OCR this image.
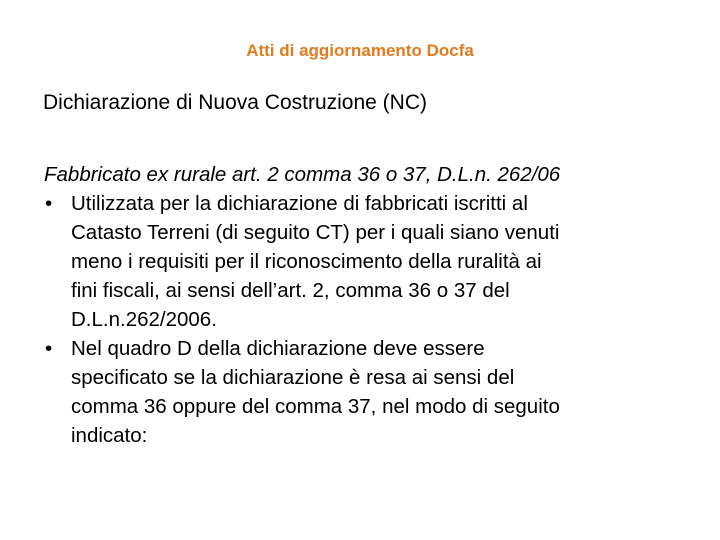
Atti di aggiornamento Docfa
Dichiarazione di Nuova Costruzione (NC)
Fabbricato ex rurale art. 2 comma 36 o 37, D.L.n. 262/06
• Utilizzata per la dichiarazione di fabbricati iscritti al
Catasto Terreni (di seguito CT) per i quali siano venuti
meno i requisiti per il riconoscimento della ruralità ai
fini fiscali, ai sensi dell’art. 2, comma 36 o 37 del
D.L.n.262/2006.
• Nel quadro D della dichiarazione deve essere
specificato se la dichiarazione è resa ai sensi del
comma 36 oppure del comma 37, nel modo di seguito
indicato:
